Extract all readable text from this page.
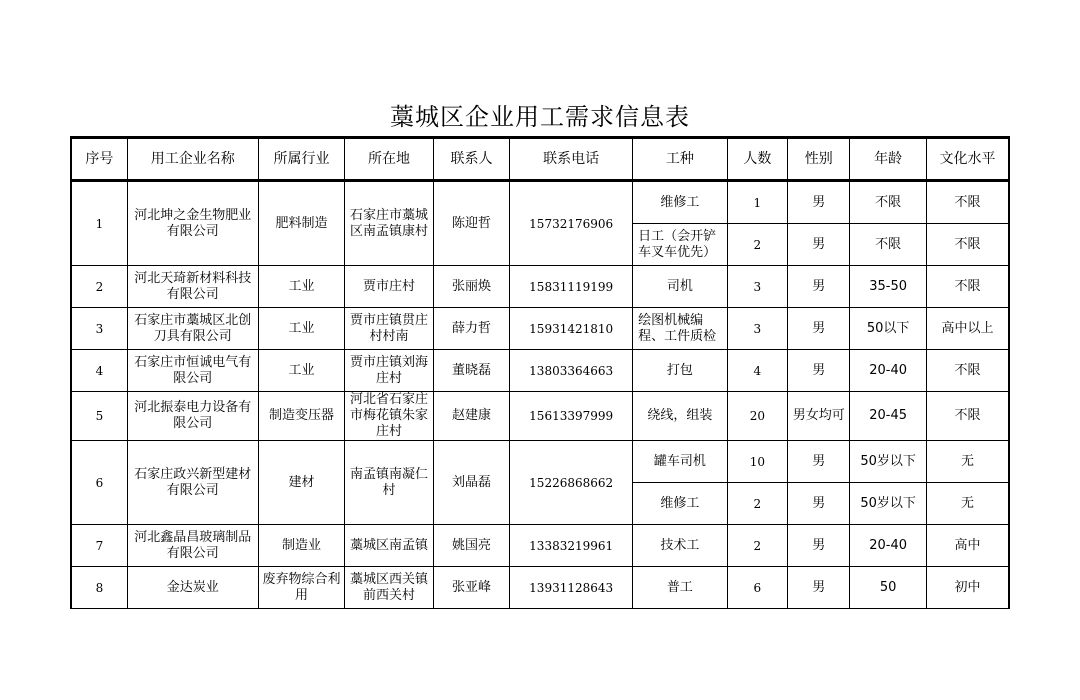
藁城区企业用工需求信息表
序号	用工企业名称	所属行业	所在地	联系人	联系电话	工种	人数	性别	年龄	文化水平
1	河北坤之金生物肥业有限公司	肥料制造	石家庄市藁城区南孟镇康村	陈迎哲	15732176906	维修工	1	男	不限	不限
						日工（会开铲车叉车优先）	2	男	不限	不限
2	河北天琦新材料科技有限公司	工业	贾市庄村	张丽焕	15831119199	司机	3	男	35-50	不限
3	石家庄市藁城区北创刀具有限公司	工业	贾市庄镇贯庄村村南	薛力哲	15931421810	绘图机械编程、工件质检	3	男	50以下	高中以上
4	石家庄市恒诚电气有限公司	工业	贾市庄镇刘海庄村	董晓磊	13803364663	打包	4	男	20-40	不限
5	河北振泰电力设备有限公司	制造变压器	河北省石家庄市梅花镇朱家庄村	赵建康	15613397999	绕线，组装	20	男女均可	20-45	不限
6	石家庄政兴新型建材有限公司	建材	南孟镇南凝仁村	刘晶磊	15226868662	罐车司机	10	男	50岁以下	无
						维修工	2	男	50岁以下	无
7	河北鑫晶昌玻璃制品有限公司	制造业	藁城区南孟镇	姚国亮	13383219961	技术工	2	男	20-40	高中
8	金达炭业	废弃物综合利用	藁城区西关镇前西关村	张亚峰	13931128643	普工	6	男	50	初中
